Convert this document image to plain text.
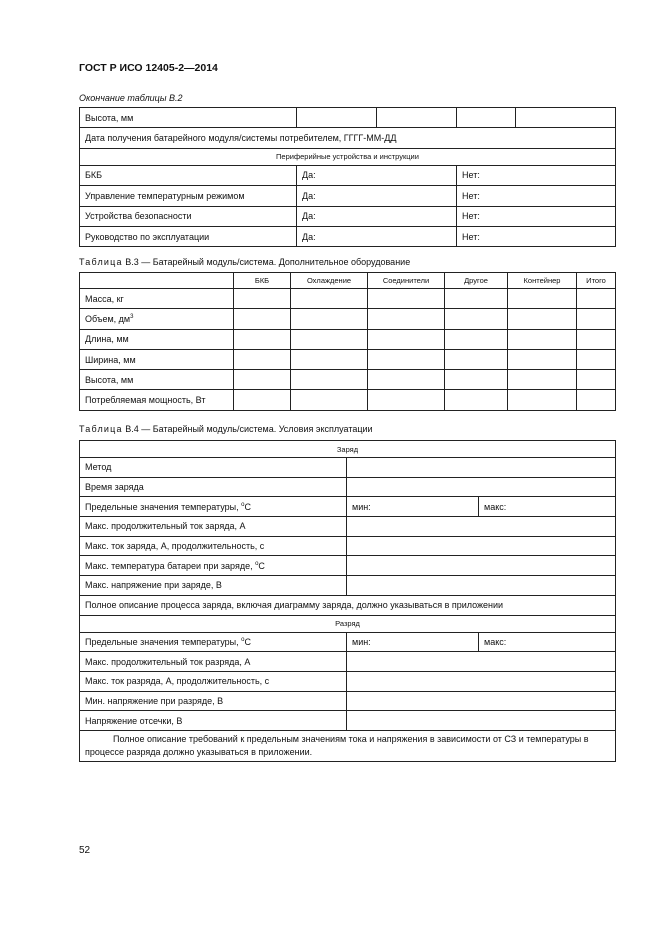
ГОСТ Р ИСО 12405-2—2014
Окончание таблицы В.2
Высота, мм				
Дата получения батарейного модуля/системы потребителем, ГГГГ-ММ-ДД				
Периферийные устройства и инструкции				
БКБ	Да:		Нет:	
Управление температурным режимом	Да:		Нет:	
Устройства безопасности	Да:		Нет:	
Руководство по эксплуатации	Да:		Нет:	
Таблица В.3 — Батарейный модуль/система. Дополнительное оборудование
	БКБ	Охлаждение	Соединители	Другое	Контейнер	Итого
Масса, кг						
Объем, $дм^3$						
Длина, мм						
Ширина, мм						
Высота, мм						
Потребляемая мощность, Вт						
Таблица В.4 — Батарейный модуль/система. Условия эксплуатации
Заряд		
Метод		
Время заряда		
Предельные значения температуры, $^о$C	мин:	макс:
Макс. продолжительный ток заряда, А		
Макс. ток заряда, А, продолжительность, с		
Макс. температура батареи при заряде, $^о$C		
Макс. напряжение при заряде, В		
Полное описание процесса заряда, включая диаграмму заряда, должно указываться в приложении		
Разряд		
Предельные значения температуры, $^о$C	мин:	макс:
Макс. продолжительный ток разряда, А		
Макс. ток разряда, А, продолжительность, с		
Мин. напряжение при разряде, В		
Напряжение отсечки, В		
Полное описание требований к предельным значениям тока и напряжения в зависимости от СЗ и температуры в процессе разряда должно указываться в приложении.		
52
